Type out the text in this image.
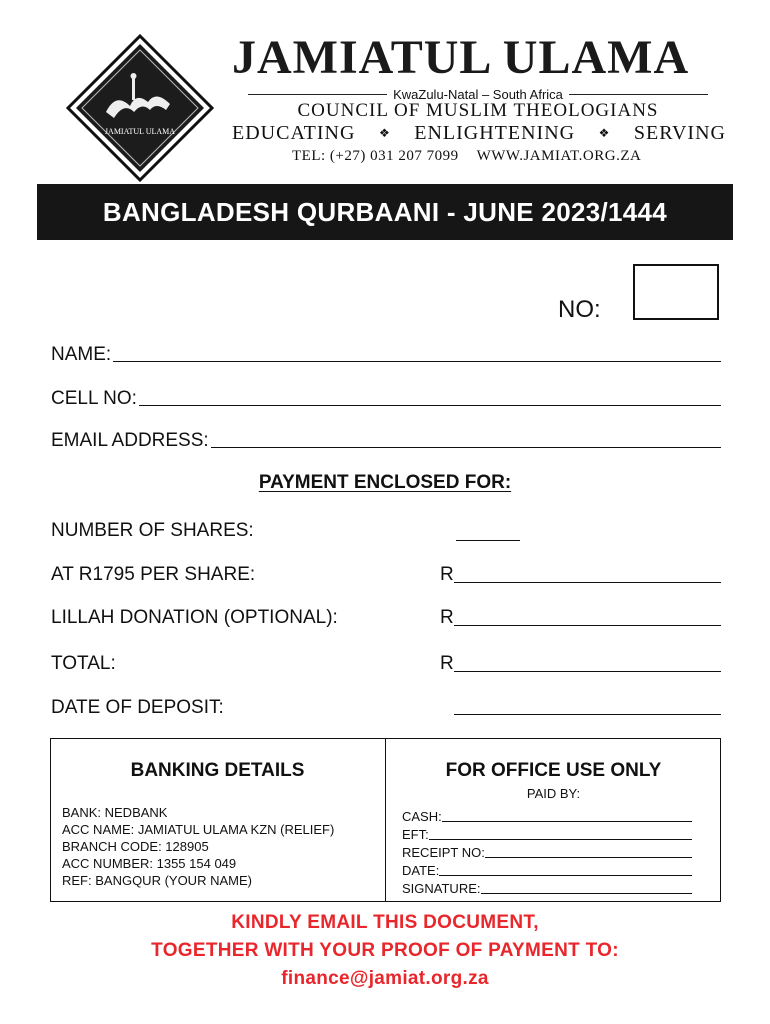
JAMIATUL ULAMA
JAMIATUL ULAMA
KwaZulu-Natal – South Africa
COUNCIL OF MUSLIM THEOLOGIANS
EDUCATING ❖ ENLIGHTENING ❖ SERVING
TEL: (+27) 031 207 7099 WWW.JAMIAT.ORG.ZA
BANGLADESH QURBAANI - JUNE 2023/1444
NO:
NAME:
CELL NO:
EMAIL ADDRESS:
PAYMENT ENCLOSED FOR:
NUMBER OF SHARES:
AT R1795 PER SHARE:	R
LILLAH DONATION (OPTIONAL):	R
TOTAL:	R
DATE OF DEPOSIT:
BANKING DETAILS
BANK: NEDBANK
ACC NAME: JAMIATUL ULAMA KZN (RELIEF)
BRANCH CODE: 128905
ACC NUMBER: 1355 154 049
REF: BANGQUR (YOUR NAME)
FOR OFFICE USE ONLY
PAID BY:
CASH:
EFT:
RECEIPT NO:
DATE:
SIGNATURE:
KINDLY EMAIL THIS DOCUMENT,
TOGETHER WITH YOUR PROOF OF PAYMENT TO:
finance@jamiat.org.za
